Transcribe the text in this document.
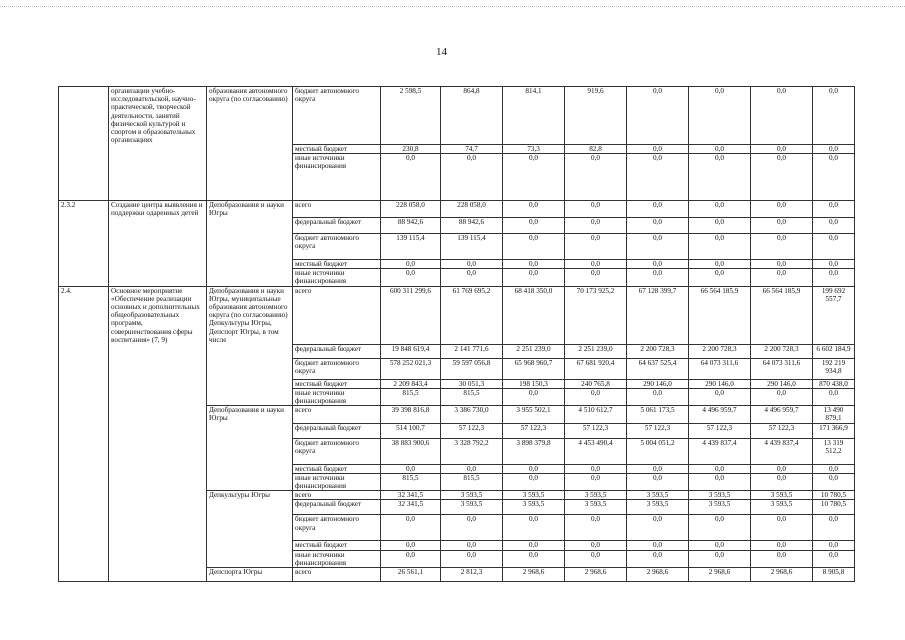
14
	организации учебно-исследовательской, научно-практической, творческой деятельности, занятий физической культурой и спортом в образовательных организациях	образования автономного округа (по согласованию)	бюджет автономного округа	2 598,5	864,8	814,1	919,6	0,0	0,0	0,0	0,0
			местный бюджет	230,8	74,7	73,3	82,8	0,0	0,0	0,0	0,0
			иные источники финансирования	0,0	0,0	0,0	0,0	0,0	0,0	0,0	0,0
2.3.2	Создание центра выявления и поддержки одаренных детей	Депобразования и науки Югры	всего	228 058,0	228 058,0	0,0	0,0	0,0	0,0	0,0	0,0
			федеральный бюджет	88 942,6	88 942,6	0,0	0,0	0,0	0,0	0,0	0,0
			бюджет автономного округа	139 115,4	139 115,4	0,0	0,0	0,0	0,0	0,0	0,0
			местный бюджет	0,0	0,0	0,0	0,0	0,0	0,0	0,0	0,0
			иные источники финансирования	0,0	0,0	0,0	0,0	0,0	0,0	0,0	0,0
2.4.	Основное мероприятие «Обеспечение реализации основных и дополнительных общеобразовательных программ, совершенствования сферы воспитания» (7, 9)	Депобразования и науки Югры, муниципальные образования автономного округа (по согласованию) Депкультуры Югры, Депспорт Югры, в том числе	всего	600 311 299,6	61 769 695,2	68 418 350,0	70 173 925,2	67 128 399,7	66 564 185,9	66 564 185,9	199 692 557,7
			федеральный бюджет	19 848 619,4	2 141 771,6	2 251 239,0	2 251 239,0	2 200 728,3	2 200 728,3	2 200 728,3	6 602 184,9
			бюджет автономного округа	578 252 021,3	59 597 056,8	65 968 960,7	67 681 920,4	64 637 525,4	64 073 311,6	64 073 311,6	192 219 934,8
			местный бюджет	2 209 843,4	30 051,3	198 150,3	240 765,8	290 146,0	290 146,0	290 146,0	870 438,0
			иные источники финансирования	815,5	815,5	0,0	0,0	0,0	0,0	0,0	0,0
		Депобразования и науки Югры	всего	39 398 816,8	3 386 730,0	3 955 502,1	4 510 612,7	5 061 173,5	4 496 959,7	4 496 959,7	13 490 879,1
			федеральный бюджет	514 100,7	57 122,3	57 122,3	57 122,3	57 122,3	57 122,3	57 122,3	171 366,9
			бюджет автономного округа	38 883 900,6	3 328 792,2	3 898 379,8	4 453 490,4	5 004 051,2	4 439 837,4	4 439 837,4	13 319 512,2
			местный бюджет	0,0	0,0	0,0	0,0	0,0	0,0	0,0	0,0
			иные источники финансирования	815,5	815,5	0,0	0,0	0,0	0,0	0,0	0,0
		Депкультуры Югры	всего	32 341,5	3 593,5	3 593,5	3 593,5	3 593,5	3 593,5	3 593,5	10 780,5
			федеральный бюджет	32 341,5	3 593,5	3 593,5	3 593,5	3 593,5	3 593,5	3 593,5	10 780,5
			бюджет автономного округа	0,0	0,0	0,0	0,0	0,0	0,0	0,0	0,0
			местный бюджет	0,0	0,0	0,0	0,0	0,0	0,0	0,0	0,0
			иные источники финансирования	0,0	0,0	0,0	0,0	0,0	0,0	0,0	0,0
		Депспорта Югры	всего	26 561,1	2 812,3	2 968,6	2 968,6	2 968,6	2 968,6	2 968,6	8 905,8
